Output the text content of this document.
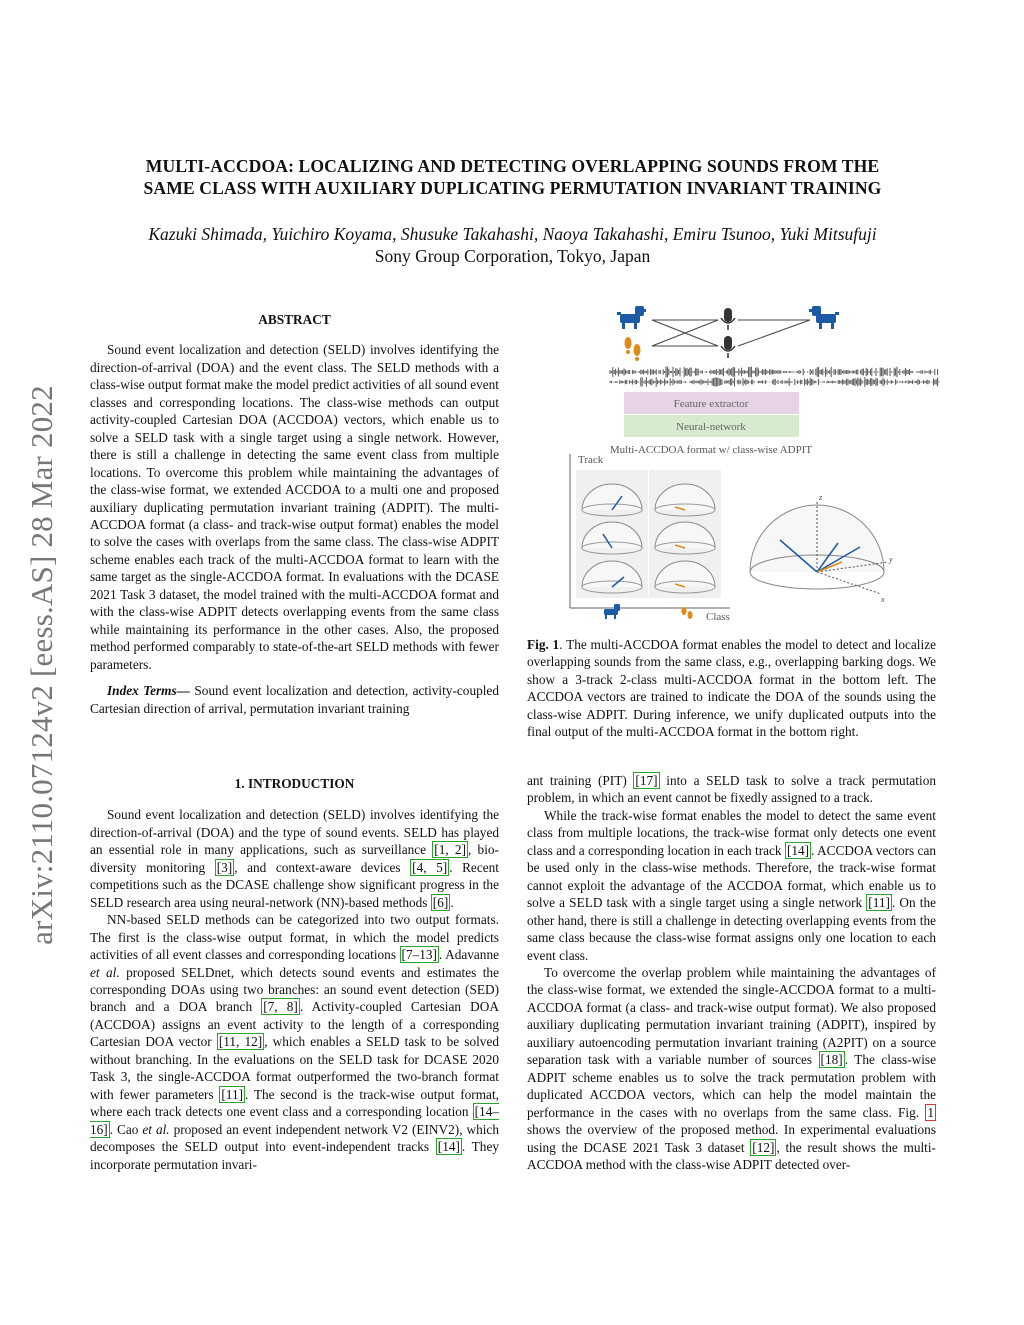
arXiv:2110.07124v2 [eess.AS] 28 Mar 2022
MULTI-ACCDOA: LOCALIZING AND DETECTING OVERLAPPING SOUNDS FROM THE
SAME CLASS WITH AUXILIARY DUPLICATING PERMUTATION INVARIANT TRAINING
Kazuki Shimada, Yuichiro Koyama, Shusuke Takahashi, Naoya Takahashi, Emiru Tsunoo, Yuki Mitsufuji
Sony Group Corporation, Tokyo, Japan
ABSTRACT

Sound event localization and detection (SELD) involves identifying the direction-of-arrival (DOA) and the event class. The SELD methods with a class-wise output format make the model predict activities of all sound event classes and corresponding locations. The class-wise methods can output activity-coupled Cartesian DOA (ACCDOA) vectors, which enable us to solve a SELD task with a single target using a single network. However, there is still a challenge in detecting the same event class from multiple locations. To overcome this problem while maintaining the advantages of the class-wise format, we extended ACCDOA to a multi one and proposed auxiliary duplicating permutation invariant training (ADPIT). The multi-ACCDOA format (a class- and track-wise output format) enables the model to solve the cases with overlaps from the same class. The class-wise ADPIT scheme enables each track of the multi-ACCDOA format to learn with the same target as the single-ACCDOA format. In evaluations with the DCASE 2021 Task 3 dataset, the model trained with the multi-ACCDOA format and with the class-wise ADPIT detects overlapping events from the same class while maintaining its performance in the other cases. Also, the proposed method performed comparably to state-of-the-art SELD methods with fewer parameters.

Index Terms— Sound event localization and detection, activity-coupled Cartesian direction of arrival, permutation invariant training

1. INTRODUCTION

Sound event localization and detection (SELD) involves identifying the direction-of-arrival (DOA) and the type of sound events. SELD has played an essential role in many applications, such as surveillance [1, 2] , bio-diversity monitoring [3] , and context-aware devices [4, 5] . Recent competitions such as the DCASE challenge show significant progress in the SELD research area using neural-network (NN)-based methods [6] .

NN-based SELD methods can be categorized into two output formats. The first is the class-wise output format, in which the model predicts activities of all event classes and corresponding locations [7–13] . Adavanne et al. proposed SELDnet, which detects sound events and estimates the corresponding DOAs using two branches: an sound event detection (SED) branch and a DOA branch [7, 8] . Activity-coupled Cartesian DOA (ACCDOA) assigns an event activity to the length of a corresponding Cartesian DOA vector [11, 12] , which enables a SELD task to be solved without branching. In the evaluations on the SELD task for DCASE 2020 Task 3, the single-ACCDOA format outperformed the two-branch format with fewer parameters [11] . The second is the track-wise output format, where each track detects one event class and a corresponding location [14–16] . Cao et al. proposed an event independent network V2 (EINV2), which decomposes the SELD output into event-independent tracks [14] . They incorporate permutation invari-

Feature extractor
Neural-network
Multi-ACCDOA format w/ class-wise ADPIT
Track
Class
z
y
x

Fig. 1. The multi-ACCDOA format enables the model to detect and localize overlapping sounds from the same class, e.g., overlapping barking dogs. We show a 3-track 2-class multi-ACCDOA format in the bottom left. The ACCDOA vectors are trained to indicate the DOA of the sounds using the class-wise ADPIT. During inference, we unify duplicated outputs into the final output of the multi-ACCDOA format in the bottom right.

ant training (PIT) [17] into a SELD task to solve a track permutation problem, in which an event cannot be fixedly assigned to a track.

While the track-wise format enables the model to detect the same event class from multiple locations, the track-wise format only detects one event class and a corresponding location in each track [14] . ACCDOA vectors can be used only in the class-wise methods. Therefore, the track-wise format cannot exploit the advantage of the ACCDOA format, which enable us to solve a SELD task with a single target using a single network [11] . On the other hand, there is still a challenge in detecting overlapping events from the same class because the class-wise format assigns only one location to each event class.

To overcome the overlap problem while maintaining the advantages of the class-wise format, we extended the single-ACCDOA format to a multi-ACCDOA format (a class- and track-wise output format). We also proposed auxiliary duplicating permutation invariant training (ADPIT), inspired by auxiliary autoencoding permutation invariant training (A2PIT) on a source separation task with a variable number of sources [18] . The class-wise ADPIT scheme enables us to solve the track permutation problem with duplicated ACCDOA vectors, which can help the model maintain the performance in the cases with no overlaps from the same class. Fig. 1 shows the overview of the proposed method. In experimental evaluations using the DCASE 2021 Task 3 dataset [12] , the result shows the multi-ACCDOA method with the class-wise ADPIT detected over-
